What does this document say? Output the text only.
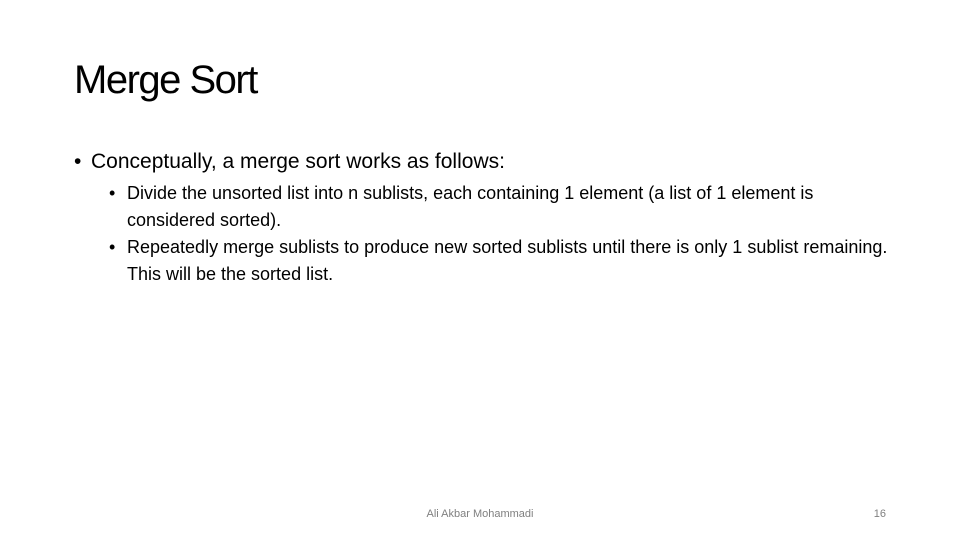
Merge Sort
• Conceptually, a merge sort works as follows:
• Divide the unsorted list into n sublists, each containing 1 element (a list of 1 element is considered sorted).
• Repeatedly merge sublists to produce new sorted sublists until there is only 1 sublist remaining. This will be the sorted list.
Ali Akbar Mohammadi	16
